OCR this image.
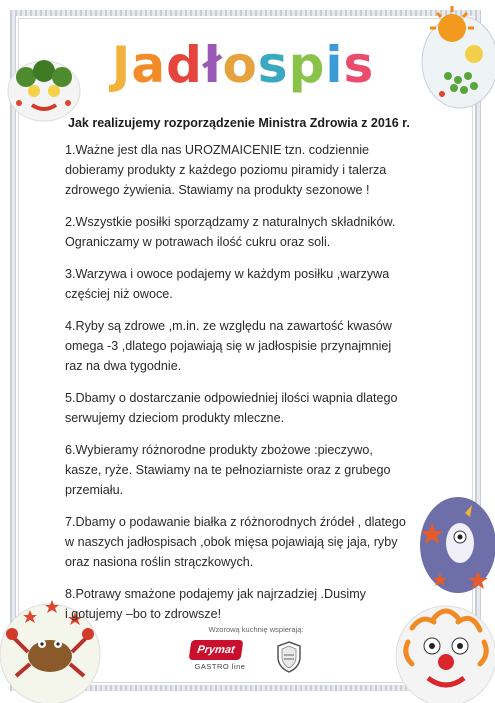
Jadłospis
Jak realizujemy rozporządzenie Ministra Zdrowia z 2016 r.
1.Ważne jest dla nas UROZMAICENIE tzn. codziennie
dobieramy produkty z każdego poziomu piramidy i talerza
zdrowego żywienia. Stawiamy na produkty sezonowe !
2.Wszystkie posiłki sporządzamy z naturalnych składników.
Ograniczamy w potrawach ilość cukru oraz soli.
3.Warzywa i owoce podajemy w każdym posiłku ,warzywa
częściej niż owoce.
4.Ryby są zdrowe ,m.in. ze względu na zawartość kwasów
omega -3 ,dlatego pojawiają się w jadłospisie przynajmniej
raz na dwa tygodnie.
5.Dbamy o dostarczanie odpowiedniej ilości wapnia dlatego
serwujemy dzieciom produkty mleczne.
6.Wybieramy różnorodne produkty zbożowe :pieczywo,
kasze, ryże. Stawiamy na te pełnoziarniste oraz z grubego
przemiału.
7.Dbamy o podawanie białka z różnorodnych źródeł , dlatego
w naszych jadłospisach ,obok mięsa pojawiają się jaja, ryby
oraz nasiona roślin strączkowych.
8.Potrawy smażone podajemy jak najrzadziej .Dusimy
i gotujemy –bo to zdrowsze!
Wzorową kuchnię wspierają:
Prymat
GASTRO line
